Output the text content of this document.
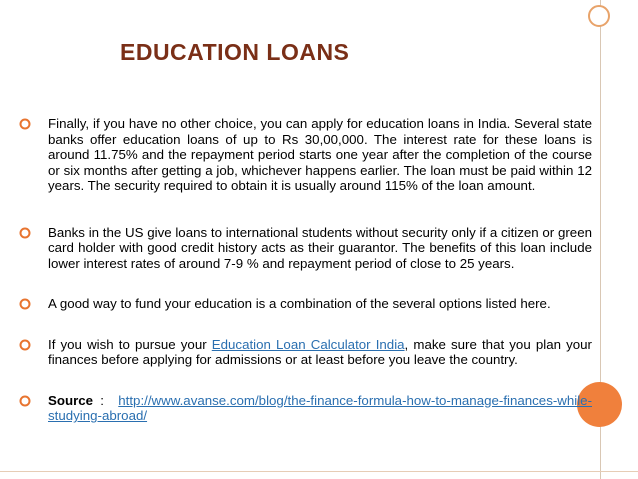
EDUCATION LOANS
Finally, if you have no other choice, you can apply for education loans in India. Several state banks offer education loans of up to Rs 30,00,000. The interest rate for these loans is around 11.75% and the repayment period starts one year after the completion of the course or six months after getting a job, whichever happens earlier. The loan must be paid within 12 years. The security required to obtain it is usually around 115% of the loan amount.
Banks in the US give loans to international students without security only if a citizen or green card holder with good credit history acts as their guarantor. The benefits of this loan include lower interest rates of around 7-9 % and repayment period of close to 25 years.
A good way to fund your education is a combination of the several options listed here.
If you wish to pursue your Education Loan Calculator India, make sure that you plan your finances before applying for admissions or at least before you leave the country.
Source :  http://www.avanse.com/blog/the-finance-formula-how-to-manage-finances-while-studying-abroad/
